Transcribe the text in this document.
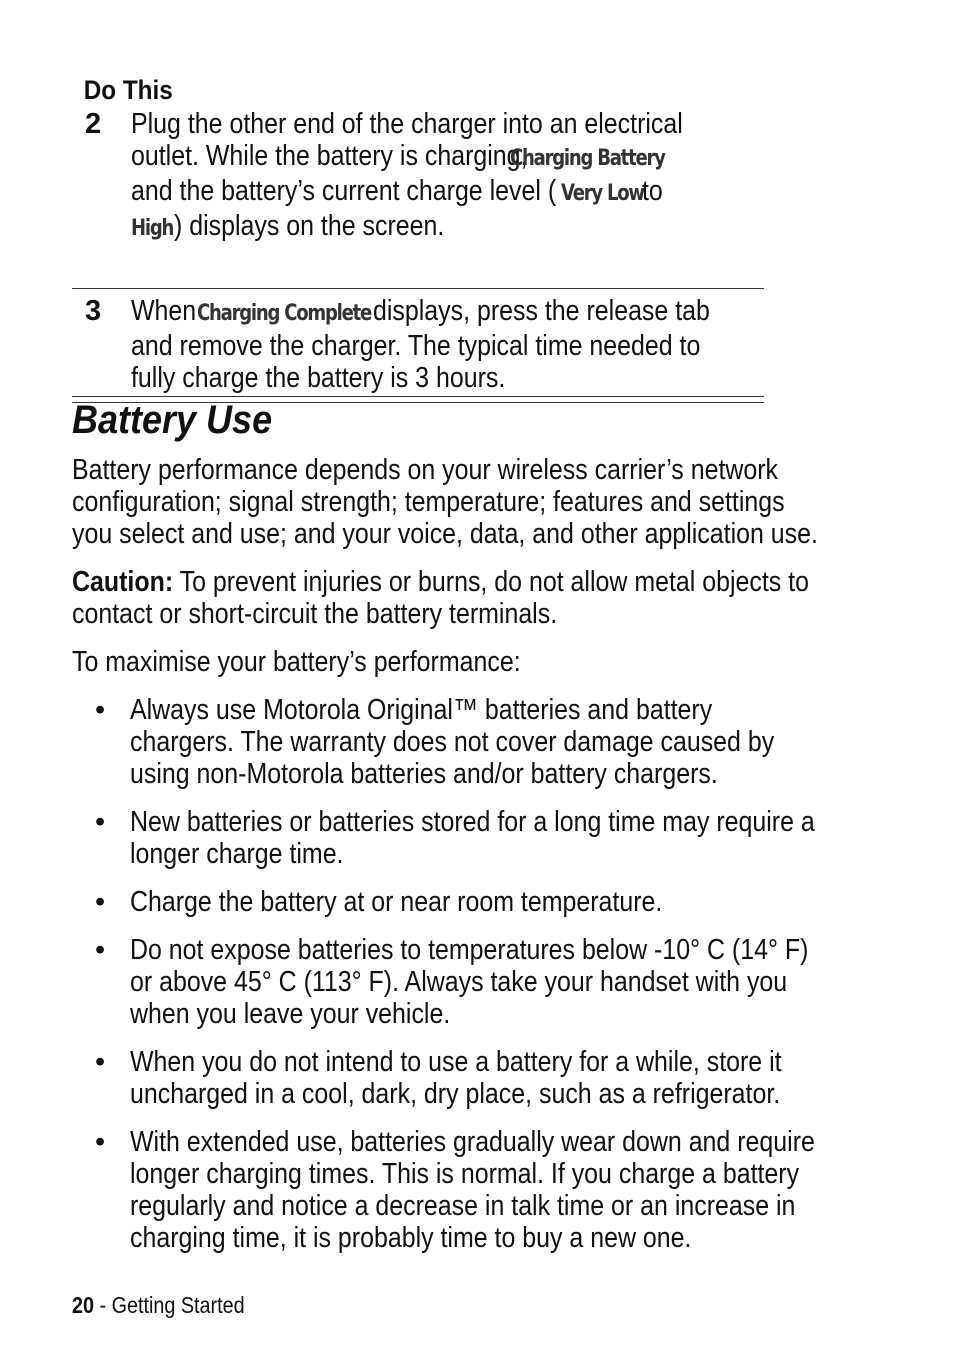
Do This
2	Plug the other end of the charger into an electrical
outlet. While the battery is charging,Charging Battery
and the battery’s current charge level ( Very Lowto
High) displays on the screen.
3	WhenCharging Completedisplays, press the release tab
and remove the charger. The typical time needed to
fully charge the battery is 3 hours.
Battery Use
Battery performance depends on your wireless carrier’s network
configuration; signal strength; temperature; features and settings
you select and use; and your voice, data, and other application use.
Caution: To prevent injuries or burns, do not allow metal objects to
contact or short-circuit the battery terminals.
To maximise your battery’s performance:
• Always use Motorola Original™ batteries and battery
chargers. The warranty does not cover damage caused by
using non-Motorola batteries and/or battery chargers.
• New batteries or batteries stored for a long time may require a
longer charge time.
• Charge the battery at or near room temperature.
• Do not expose batteries to temperatures below -10° C (14° F)
or above 45° C (113° F). Always take your handset with you
when you leave your vehicle.
• When you do not intend to use a battery for a while, store it
uncharged in a cool, dark, dry place, such as a refrigerator.
• With extended use, batteries gradually wear down and require
longer charging times. This is normal. If you charge a battery
regularly and notice a decrease in talk time or an increase in
charging time, it is probably time to buy a new one.
20 - Getting Started
